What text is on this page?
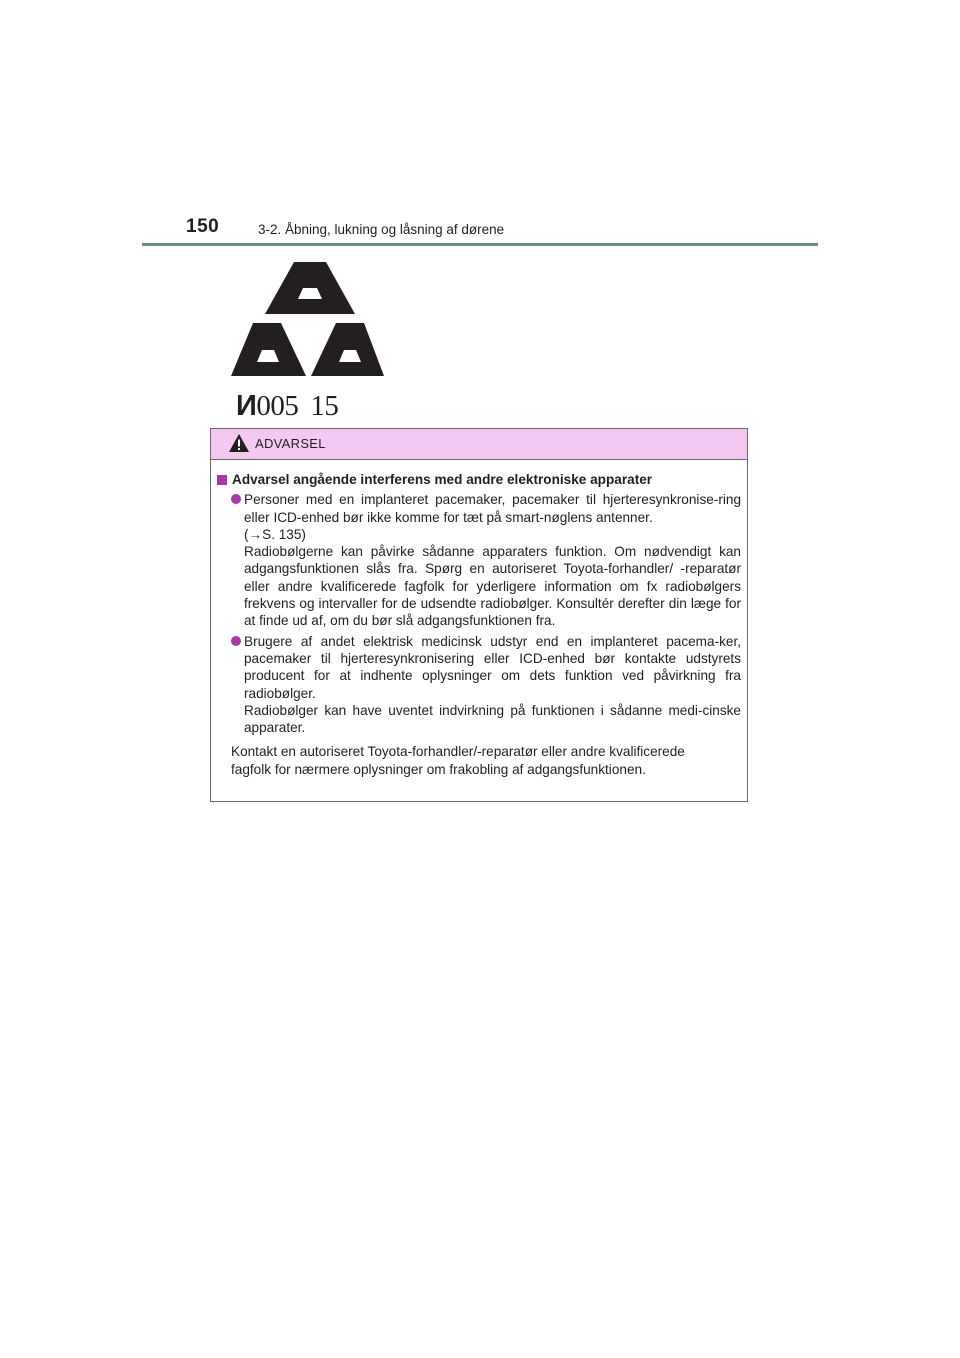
150	3-2. Åbning, lukning og låsning af dørene
И005 15
ADVARSEL
Advarsel angående interferens med andre elektroniske apparater

Personer med en implanteret pacemaker, pacemaker til hjerteresynkronise-ring eller ICD-enhed bør ikke komme for tæt på smart-nøglens antenner.

(→S. 135)

Radiobølgerne kan påvirke sådanne apparaters funktion. Om nødvendigt kan adgangsfunktionen slås fra. Spørg en autoriseret Toyota-forhandler/ -reparatør eller andre kvalificerede fagfolk for yderligere information om fx radiobølgers frekvens og intervaller for de udsendte radiobølger. Konsultér derefter din læge for at finde ud af, om du bør slå adgangsfunktionen fra.

Brugere af andet elektrisk medicinsk udstyr end en implanteret pacema-ker, pacemaker til hjerteresynkronisering eller ICD-enhed bør kontakte udstyrets producent for at indhente oplysninger om dets funktion ved påvirkning fra radiobølger.

Radiobølger kan have uventet indvirkning på funktionen i sådanne medi-cinske apparater.

Kontakt en autoriseret Toyota-forhandler/-reparatør eller andre kvalificerede

fagfolk for nærmere oplysninger om frakobling af adgangsfunktionen.
